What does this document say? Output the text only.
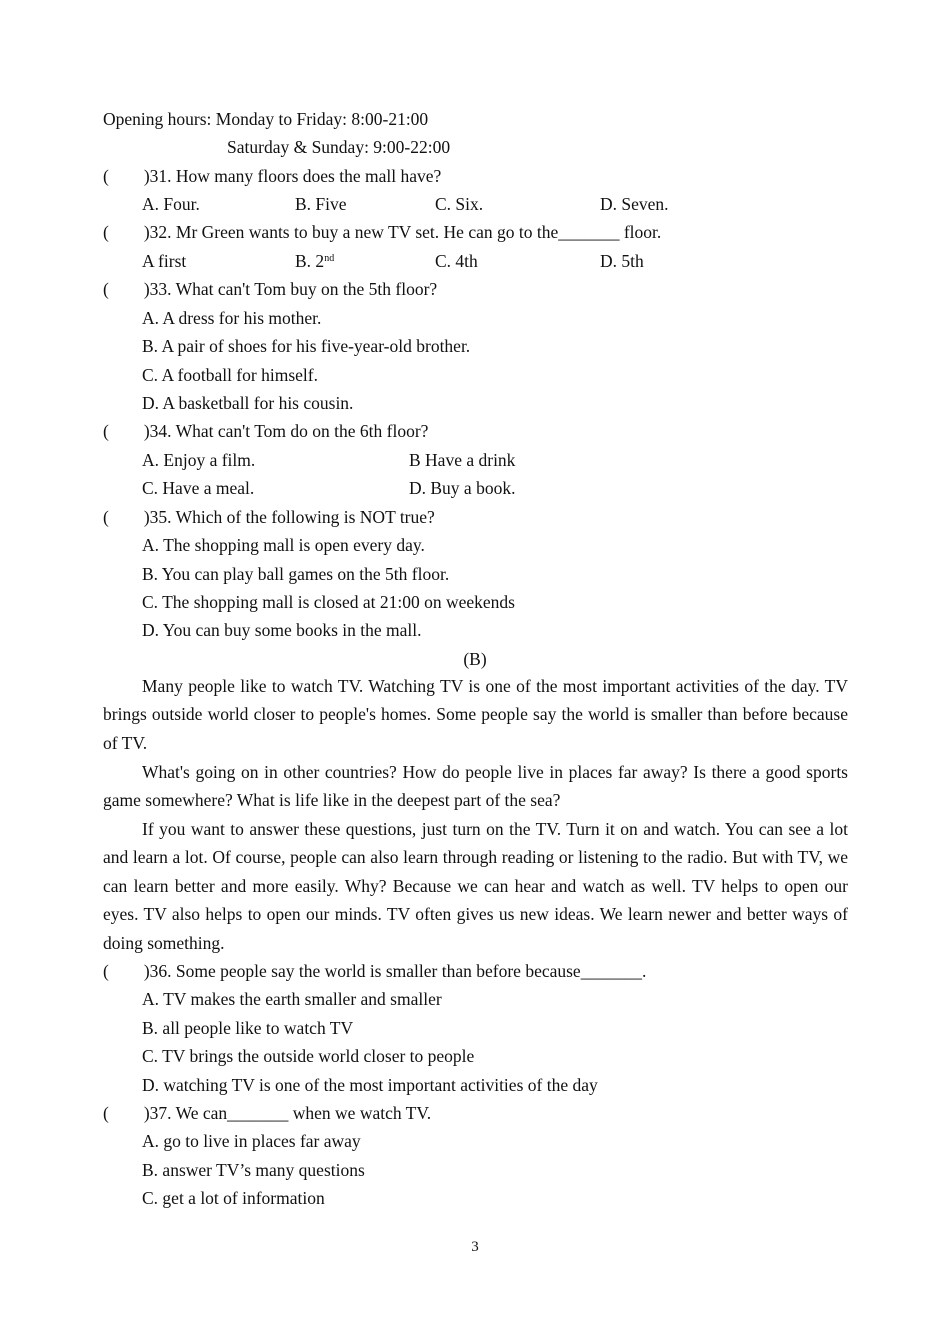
Opening hours: Monday to Friday: 8:00-21:00
Saturday & Sunday: 9:00-22:00
(        )31. How many floors does the mall have?
A. Four.	B. Five	C. Six.	D. Seven.
(        )32. Mr Green wants to buy a new TV set. He can go to the_______ floor.
A first	B. 2nd	C. 4th	D. 5th
(        )33. What can't Tom buy on the 5th floor?
A. A dress for his mother.
B. A pair of shoes for his five-year-old brother.
C. A football for himself.
D. A basketball for his cousin.
(        )34. What can't Tom do on the 6th floor?
A. Enjoy a film.	B Have a drink
C. Have a meal.	D. Buy a book.
(        )35. Which of the following is NOT true?
A. The shopping mall is open every day.
B. You can play ball games on the 5th floor.
C. The shopping mall is closed at 21:00 on weekends
D. You can buy some books in the mall.
(B)
Many people like to watch TV. Watching TV is one of the most important activities of the day. TV brings outside world closer to people's homes. Some people say the world is smaller than before because of TV.
What's going on in other countries? How do people live in places far away? Is there a good sports game somewhere? What is life like in the deepest part of the sea?
If you want to answer these questions, just turn on the TV. Turn it on and watch. You can see a lot and learn a lot. Of course, people can also learn through reading or listening to the radio. But with TV, we can learn better and more easily. Why? Because we can hear and watch as well. TV helps to open our eyes. TV also helps to open our minds. TV often gives us new ideas. We learn newer and better ways of doing something.
(        )36. Some people say the world is smaller than before because_______.
A. TV makes the earth smaller and smaller
B. all people like to watch TV
C. TV brings the outside world closer to people
D. watching TV is one of the most important activities of the day
(        )37. We can_______ when we watch TV.
A. go to live in places far away
B. answer TV’s many questions
C. get a lot of information
3
